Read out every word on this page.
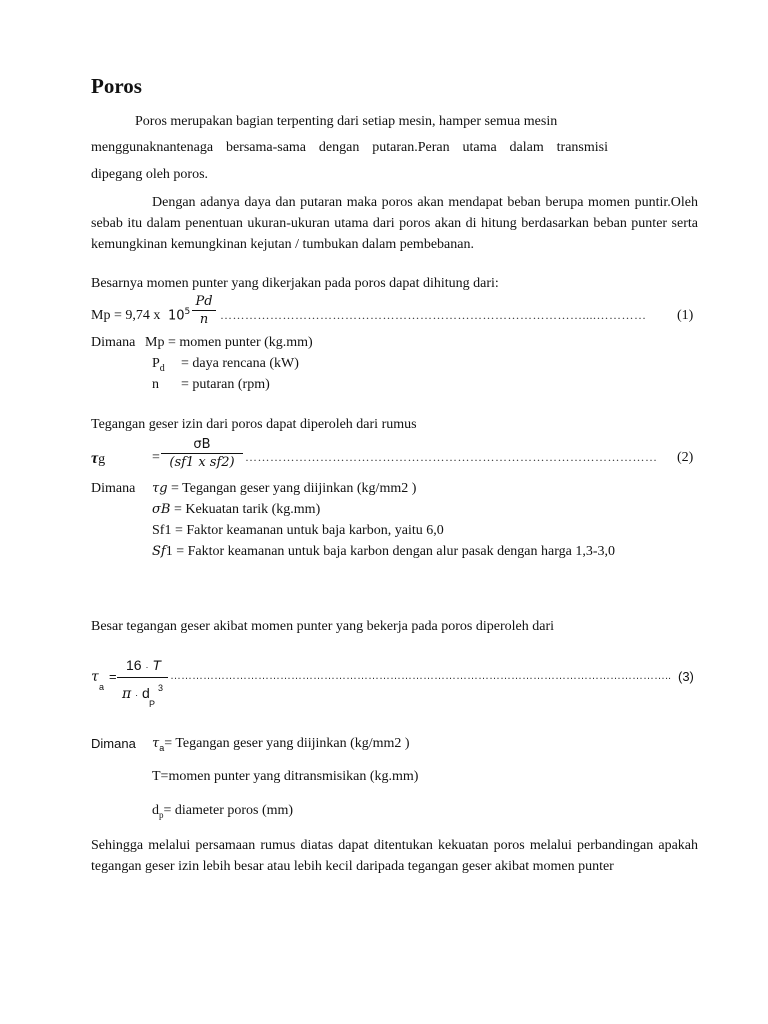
Poros
Poros merupakan bagian terpenting dari setiap mesin, hamper semua mesin
menggunaknantenaga bersama-sama dengan putaran.Peran utama dalam transmisi
dipegang oleh poros.
Dengan adanya daya dan putaran maka poros akan mendapat beban berupa momen puntir.Oleh sebab itu dalam penentuan ukuran-ukuran utama dari poros akan di hitung berdasarkan beban punter serta kemungkinan kemungkinan kejutan / tumbukan dalam pembebanan.
Besarnya momen punter yang dikerjakan pada poros dapat dihitung dari:
Mp = 9,74 x $10^5$
Pd
n ……………………………………………………………………………....…………	(1)
Dimana Mp = momen punter (kg.mm)
$P_d$ = daya rencana (kW)
n = putaran (rpm)
Tegangan geser izin dari poros dapat diperoleh dari rumus
τg	=
σB
(sf1 x sf2) ………………………………………………………………………………………	(2)
Dimana τg = Tegangan geser yang diijinkan (kg/mm2 )
σB = Kekuatan tarik (kg.mm)
Sf1 = Faktor keamanan untuk baja karbon, yaitu 6,0
Sf1 = Faktor keamanan untuk baja karbon dengan alur pasak dengan harga 1,3-3,0
Besar tegangan geser akibat momen punter yang bekerja pada poros diperoleh dari
τ
a
=
16 · T
π · d 3
P
……………………………………………………………………………………………………………………….. (3)
Dimana $\tau_a=$ Tegangan geser yang diijinkan (kg/mm2 )
T=momen punter yang ditransmisikan (kg.mm)
$d_p=$ diameter poros (mm)
Sehingga melalui persamaan rumus diatas dapat ditentukan kekuatan poros melalui perbandingan apakah tegangan geser izin lebih besar atau lebih kecil daripada tegangan geser akibat momen punter
